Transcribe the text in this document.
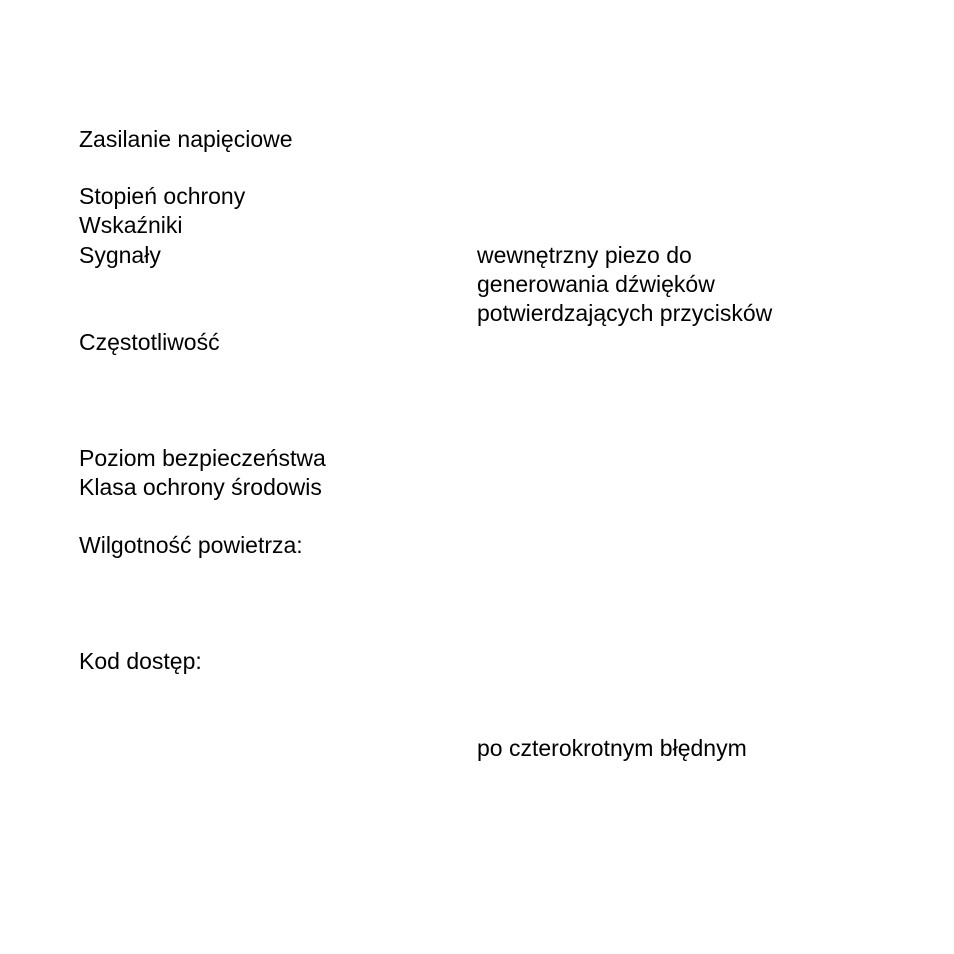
Zasilanie napięciowe
Stopień ochrony
Wskaźniki
Sygnały	wewnętrzny piezo do
generowania dźwięków
potwierdzających przycisków
Częstotliwość
Poziom bezpieczeństwa
Klasa ochrony środowis
Wilgotność powietrza:
Kod dostęp:
po czterokrotnym błędnym
